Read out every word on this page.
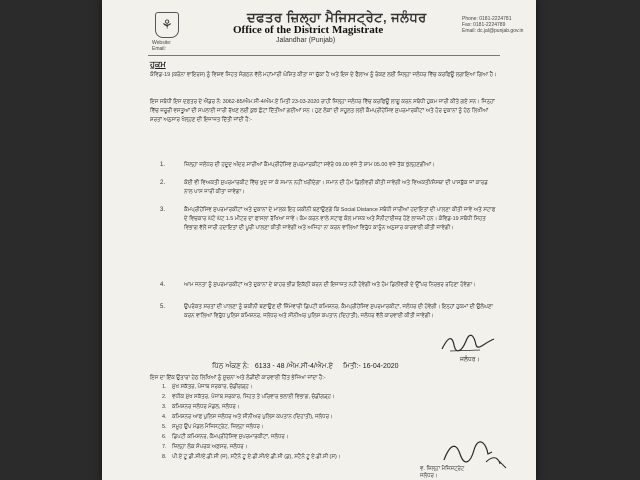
⚘	ਦਫਤਰ ਜ਼ਿਲ੍ਹਾ ਮੈਜਿਸਟ੍ਰੇਟ, ਜਲੰਧਰ
Office of the District Magistrate
Jalandhar (Punjab)
Phone: 0181-2224781
Fax: 0181-2224789
Email: dc.jal@punjab.gov.in
Website:
Email:
ਹੁਕਮ
ਕੋਵਿਡ-19 (ਕਰੋਨਾ ਵਾਇਰਸ) ਨੂੰ ਵਿਸ਼ਵ ਸਿਹਤ ਸੰਗਠਨ ਵੱਲੋਂ ਮਹਾਂਮਾਰੀ ਘੋਸ਼ਿਤ ਕੀਤਾ ਜਾ ਚੁੱਕਾ ਹੈ ਅਤੇ ਇਸ ਦੇ ਫੈਲਾਅ ਨੂੰ ਰੋਕਣ ਲਈ ਜ਼ਿਲ੍ਹਾ ਜਲੰਧਰ ਵਿੱਚ ਕਰਫਿਊ ਲਗਾਇਆ ਗਿਆ ਹੈ।
ਇਸ ਸਬੰਧੀ ਇਸ ਦਫ਼ਤਰ ਦੇ ਐਂਡਰ ਨੰ: 3062-85/ਐਮ.ਸੀ-4/ਐਮ.ਏ ਮਿਤੀ 23-03-2020 ਰਾਹੀਂ ਜ਼ਿਲ੍ਹਾ ਜਲੰਧਰ ਵਿੱਚ ਕਰਫਿਊ ਲਾਗੂ ਕਰਨ ਸਬੰਧੀ ਹੁਕਮ ਜਾਰੀ ਕੀਤੇ ਗਏ ਸਨ। ਜਿਨ੍ਹਾਂ ਵਿੱਚ ਜ਼ਰੂਰੀ ਵਸਤੂਆਂ ਦੀ ਸਪਲਾਈ ਜਾਰੀ ਰੱਖਣ ਲਈ ਕੁਝ ਛੋਟਾਂ ਦਿੱਤੀਆਂ ਗਈਆਂ ਸਨ। ਹੁਣ ਲੋਕਾਂ ਦੀ ਸਹੂਲਤ ਲਈ ਕੈਮਪ੍ਰੀਹੇਂਸਿਵ ਸੁਪਰਮਾਰਕੀਟਾਂ ਅਤੇ ਹੋਰ ਦੁਕਾਨਾਂ ਨੂੰ ਹੇਠ ਲਿਖੀਆਂ ਸ਼ਰਤਾਂ ਅਨੁਸਾਰ ਖੋਲ੍ਹਣ ਦੀ ਇਜਾਜ਼ਤ ਦਿੱਤੀ ਜਾਂਦੀ ਹੈ:-
1.	ਜ਼ਿਲ੍ਹਾ ਜਲੰਧਰ ਦੀ ਹਦੂਦ ਅੰਦਰ ਸਾਰੀਆਂ ਕੈਮਪ੍ਰੀਹੇਂਸਿਵ ਸੁਪਰਮਾਰਕੀਟਾਂ ਸਵੇਰੇ 09.00 ਵਜੇ ਤੋਂ ਸ਼ਾਮ 05.00 ਵਜੇ ਤੱਕ ਖੁੱਲ੍ਹਣਗੀਆਂ।
2.	ਕੋਈ ਵੀ ਵਿਅਕਤੀ ਸੁਪਰਮਾਰਕੀਟ ਵਿੱਚ ਖੁਦ ਜਾ ਕੇ ਸਮਾਨ ਨਹੀਂ ਖਰੀਦੇਗਾ। ਸਮਾਨ ਦੀ ਹੋਮ ਡਿਲੀਵਰੀ ਕੀਤੀ ਜਾਵੇਗੀ ਅਤੇ ਵਿਅਕਤੀ/ਸੰਸਥਾ ਦੀ ਪਾਸਬੁੱਕ ਜਾਂ ਕਾਰਡ ਨਾਲ ਪਾਸ ਜਾਰੀ ਕੀਤਾ ਜਾਵੇਗਾ।
3.	ਕੈਮਪ੍ਰੀਹੇਂਸਿਵ ਸੁਪਰਮਾਰਕੀਟਾਂ ਅਤੇ ਦੁਕਾਨਾਂ ਦੇ ਮਾਲਕ ਇਹ ਯਕੀਨੀ ਬਣਾਉਣਗੇ ਕਿ Social Distance ਸਬੰਧੀ ਸਾਰੀਆਂ ਹਦਾਇਤਾਂ ਦੀ ਪਾਲਣਾ ਕੀਤੀ ਜਾਵੇ ਅਤੇ ਸਟਾਫ ਦੇ ਵਿਚਕਾਰ ਘੱਟੋ ਘੱਟ 1.5 ਮੀਟਰ ਦਾ ਫਾਸਲਾ ਰੱਖਿਆ ਜਾਵੇ। ਕੰਮ ਕਰਨ ਵਾਲੇ ਸਟਾਫ ਕੋਲ ਮਾਸਕ ਅਤੇ ਸੈਨੀਟਾਈਜ਼ਰ ਹੋਣੇ ਲਾਜ਼ਮੀ ਹਨ। ਕੋਵਿਡ-19 ਸਬੰਧੀ ਸਿਹਤ ਵਿਭਾਗ ਵੱਲੋਂ ਜਾਰੀ ਹਦਾਇਤਾਂ ਦੀ ਪੂਰੀ ਪਾਲਣਾ ਕੀਤੀ ਜਾਵੇਗੀ ਅਤੇ ਅਜਿਹਾ ਨਾ ਕਰਨ ਵਾਲਿਆਂ ਵਿਰੁੱਧ ਕਾਨੂੰਨ ਅਨੁਸਾਰ ਕਾਰਵਾਈ ਕੀਤੀ ਜਾਵੇਗੀ।
4.	ਆਮ ਜਨਤਾ ਨੂੰ ਸੁਪਰਮਾਰਕੀਟਾਂ ਅਤੇ ਦੁਕਾਨਾਂ ਦੇ ਬਾਹਰ ਭੀੜ ਇਕੱਠੀ ਕਰਨ ਦੀ ਇਜਾਜ਼ਤ ਨਹੀਂ ਹੋਵੇਗੀ ਅਤੇ ਹੋਮ ਡਿਲੀਵਰੀ ਦੇ ਉੱਪਰ ਨਿਰਭਰ ਰਹਿਣਾ ਹੋਵੇਗਾ।
5.	ਉਪਰੋਕਤ ਸ਼ਰਤਾਂ ਦੀ ਪਾਲਣਾ ਨੂੰ ਯਕੀਨੀ ਬਣਾਉਣ ਦੀ ਜ਼ਿੰਮੇਵਾਰੀ ਡਿਪਟੀ ਕਮਿਸ਼ਨਰ, ਕੈਮਪ੍ਰੀਹੇਂਸਿਵ ਸੁਪਰਮਾਰਕੀਟਾਂ, ਜਲੰਧਰ ਦੀ ਹੋਵੇਗੀ। ਇਨ੍ਹਾਂ ਹੁਕਮਾਂ ਦੀ ਉਲੰਘਣਾ ਕਰਨ ਵਾਲਿਆਂ ਵਿਰੁੱਧ ਪੁਲਿਸ ਕਮਿਸ਼ਨਰ, ਜਲੰਧਰ ਅਤੇ ਸੀਨੀਅਰ ਪੁਲਿਸ ਕਪਤਾਨ (ਦਿਹਾਤੀ), ਜਲੰਧਰ ਵੱਲੋਂ ਕਾਰਵਾਈ ਕੀਤੀ ਜਾਵੇਗੀ।
ਜਲੰਧਰ।
ਪਿੱਠ ਅੰਕਣ ਨੰ: 6133 - 48 /ਐਮ.ਸੀ-4/ਐਮ.ਏ ਮਿਤੀ:- 16-04-2020
ਇਸ ਦਾ ਇੱਕ ਉਤਾਰਾ ਹੇਠ ਲਿਖਿਆਂ ਨੂੰ ਸੂਚਨਾ ਅਤੇ ਲੋੜੀਂਦੀ ਕਾਰਵਾਈ ਹਿੱਤ ਭੇਜਿਆ ਜਾਂਦਾ ਹੈ:-
1. ਮੁੱਖ ਸਕੱਤਰ, ਪੰਜਾਬ ਸਰਕਾਰ, ਚੰਡੀਗੜ੍ਹ।
2. ਵਧੀਕ ਮੁੱਖ ਸਕੱਤਰ, ਪੰਜਾਬ ਸਰਕਾਰ, ਸਿਹਤ ਤੇ ਪਰਿਵਾਰ ਭਲਾਈ ਵਿਭਾਗ, ਚੰਡੀਗੜ੍ਹ।
3. ਕਮਿਸ਼ਨਰ ਜਲੰਧਰ ਮੰਡਲ, ਜਲੰਧਰ।
4. ਕਮਿਸ਼ਨਰ ਆਫ ਪੁਲਿਸ ਜਲੰਧਰ ਅਤੇ ਸੀਨੀਅਰ ਪੁਲਿਸ ਕਪਤਾਨ (ਦਿਹਾਤੀ), ਜਲੰਧਰ।
5. ਸਮੂਹ ਉਪ ਮੰਡਲ ਮੈਜਿਸਟ੍ਰੇਟ, ਜ਼ਿਲ੍ਹਾ ਜਲੰਧਰ।
6. ਡਿਪਟੀ ਕਮਿਸ਼ਨਰ, ਕੈਮਪ੍ਰੀਹੇਂਸਿਵ ਸੁਪਰਮਾਰਕੀਟਾਂ, ਜਲੰਧਰ।
7. ਜ਼ਿਲ੍ਹਾ ਲੋਕ ਸੰਪਰਕ ਅਫ਼ਸਰ, ਜਲੰਧਰ।
8. ਪੀ.ਏ ਟੂ ਡੀ.ਸੀ/ਏ.ਡੀ.ਸੀ (ਜ), ਸਟੈਨੋ ਟੂ ਏ.ਡੀ.ਸੀ/ਏ.ਡੀ.ਸੀ (ਡ), ਸਟੈਨੋ ਟੂ ਏ.ਡੀ.ਸੀ (ਸ)।
ਵ. ਜ਼ਿਲ੍ਹਾ ਮੈਜਿਸਟ੍ਰੇਟ
ਜਲੰਧਰ।
